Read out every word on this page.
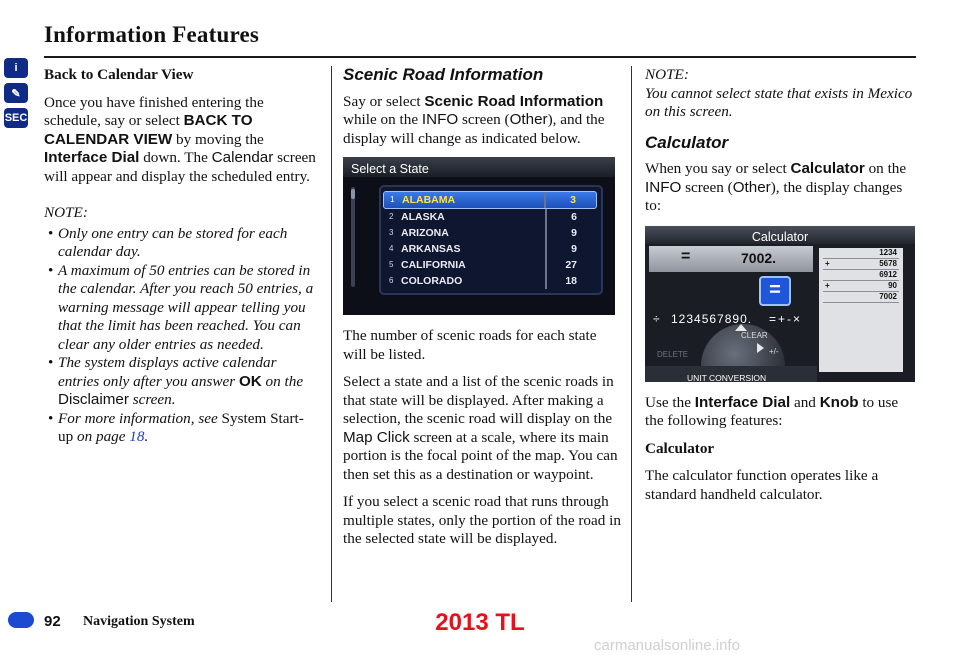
Information Features
i
✎
SEC

Back to Calendar View

Once you have finished entering the schedule, say or select BACK TO CALENDAR VIEW by moving the Interface Dial down. The Calendar screen will appear and display the scheduled entry.

NOTE:
• Only one entry can be stored for each calendar day.
• A maximum of 50 entries can be stored in the calendar. After you reach 50 entries, a warning message will appear telling you that the limit has been reached. You can clear any older entries as needed.
• The system displays active calendar entries only after you answer OK on the Disclaimer screen.
• For more information, see System Start-up on page 18.
Scenic Road Information

Say or select Scenic Road Information while on the INFO screen (Other), and the display will change as indicated below.

Select a State
1 ALABAMA	3
2 ALASKA	6
3 ARIZONA	9
4 ARKANSAS	9
5 CALIFORNIA	27
6 COLORADO	18

The number of scenic roads for each state will be listed.

Select a state and a list of the scenic roads in that state will be displayed. After making a selection, the scenic road will display on the Map Click screen at a scale, where its main portion is the focal point of the map. You can then set this as a destination or waypoint.

If you select a scenic road that runs through multiple states, only the portion of the road in the selected state will be displayed.

NOTE:

You cannot select state that exists in Mexico on this screen.

Calculator

When you say or select Calculator on the INFO screen (Other), the display changes to:

Calculator
=	7002.	1234
+	5678
6912
+	90
7002
=
÷ 1234567890. =+-×
CLEAR
DELETE	+/-
UNIT CONVERSION

Use the Interface Dial and Knob to use the following features:

Calculator

The calculator function operates like a standard handheld calculator.

92 Navigation System	2013 TL
carmanualsonline.info
